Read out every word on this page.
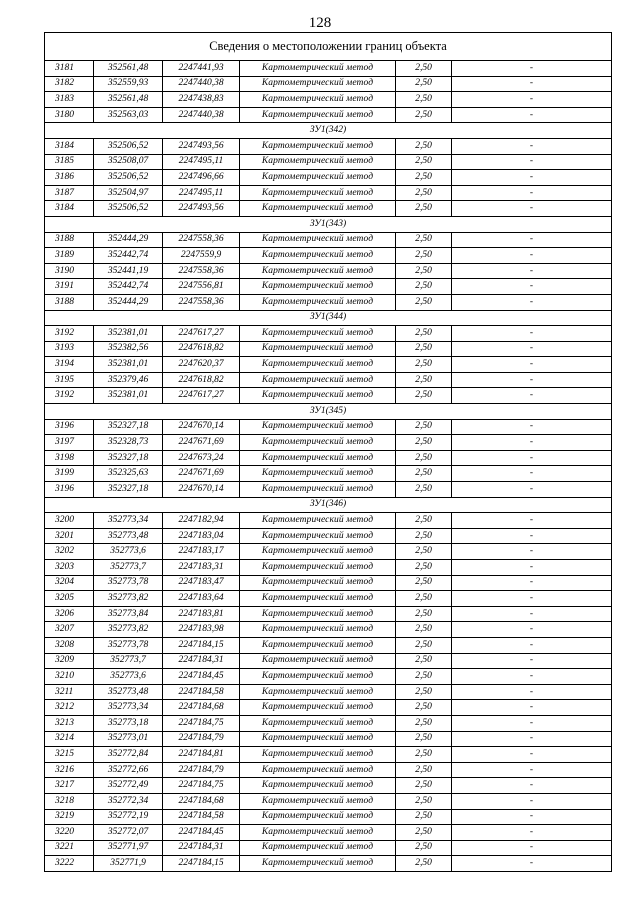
128
Сведения о местоположении границ объекта					
3181	352561,48	2247441,93	Картометрический метод	2,50	-
3182	352559,93	2247440,38	Картометрический метод	2,50	-
3183	352561,48	2247438,83	Картометрический метод	2,50	-
3180	352563,03	2247440,38	Картометрический метод	2,50	-
ЗУ1(342)					
3184	352506,52	2247493,56	Картометрический метод	2,50	-
3185	352508,07	2247495,11	Картометрический метод	2,50	-
3186	352506,52	2247496,66	Картометрический метод	2,50	-
3187	352504,97	2247495,11	Картометрический метод	2,50	-
3184	352506,52	2247493,56	Картометрический метод	2,50	-
ЗУ1(343)					
3188	352444,29	2247558,36	Картометрический метод	2,50	-
3189	352442,74	2247559,9	Картометрический метод	2,50	-
3190	352441,19	2247558,36	Картометрический метод	2,50	-
3191	352442,74	2247556,81	Картометрический метод	2,50	-
3188	352444,29	2247558,36	Картометрический метод	2,50	-
ЗУ1(344)					
3192	352381,01	2247617,27	Картометрический метод	2,50	-
3193	352382,56	2247618,82	Картометрический метод	2,50	-
3194	352381,01	2247620,37	Картометрический метод	2,50	-
3195	352379,46	2247618,82	Картометрический метод	2,50	-
3192	352381,01	2247617,27	Картометрический метод	2,50	-
ЗУ1(345)					
3196	352327,18	2247670,14	Картометрический метод	2,50	-
3197	352328,73	2247671,69	Картометрический метод	2,50	-
3198	352327,18	2247673,24	Картометрический метод	2,50	-
3199	352325,63	2247671,69	Картометрический метод	2,50	-
3196	352327,18	2247670,14	Картометрический метод	2,50	-
ЗУ1(346)					
3200	352773,34	2247182,94	Картометрический метод	2,50	-
3201	352773,48	2247183,04	Картометрический метод	2,50	-
3202	352773,6	2247183,17	Картометрический метод	2,50	-
3203	352773,7	2247183,31	Картометрический метод	2,50	-
3204	352773,78	2247183,47	Картометрический метод	2,50	-
3205	352773,82	2247183,64	Картометрический метод	2,50	-
3206	352773,84	2247183,81	Картометрический метод	2,50	-
3207	352773,82	2247183,98	Картометрический метод	2,50	-
3208	352773,78	2247184,15	Картометрический метод	2,50	-
3209	352773,7	2247184,31	Картометрический метод	2,50	-
3210	352773,6	2247184,45	Картометрический метод	2,50	-
3211	352773,48	2247184,58	Картометрический метод	2,50	-
3212	352773,34	2247184,68	Картометрический метод	2,50	-
3213	352773,18	2247184,75	Картометрический метод	2,50	-
3214	352773,01	2247184,79	Картометрический метод	2,50	-
3215	352772,84	2247184,81	Картометрический метод	2,50	-
3216	352772,66	2247184,79	Картометрический метод	2,50	-
3217	352772,49	2247184,75	Картометрический метод	2,50	-
3218	352772,34	2247184,68	Картометрический метод	2,50	-
3219	352772,19	2247184,58	Картометрический метод	2,50	-
3220	352772,07	2247184,45	Картометрический метод	2,50	-
3221	352771,97	2247184,31	Картометрический метод	2,50	-
3222	352771,9	2247184,15	Картометрический метод	2,50	-
